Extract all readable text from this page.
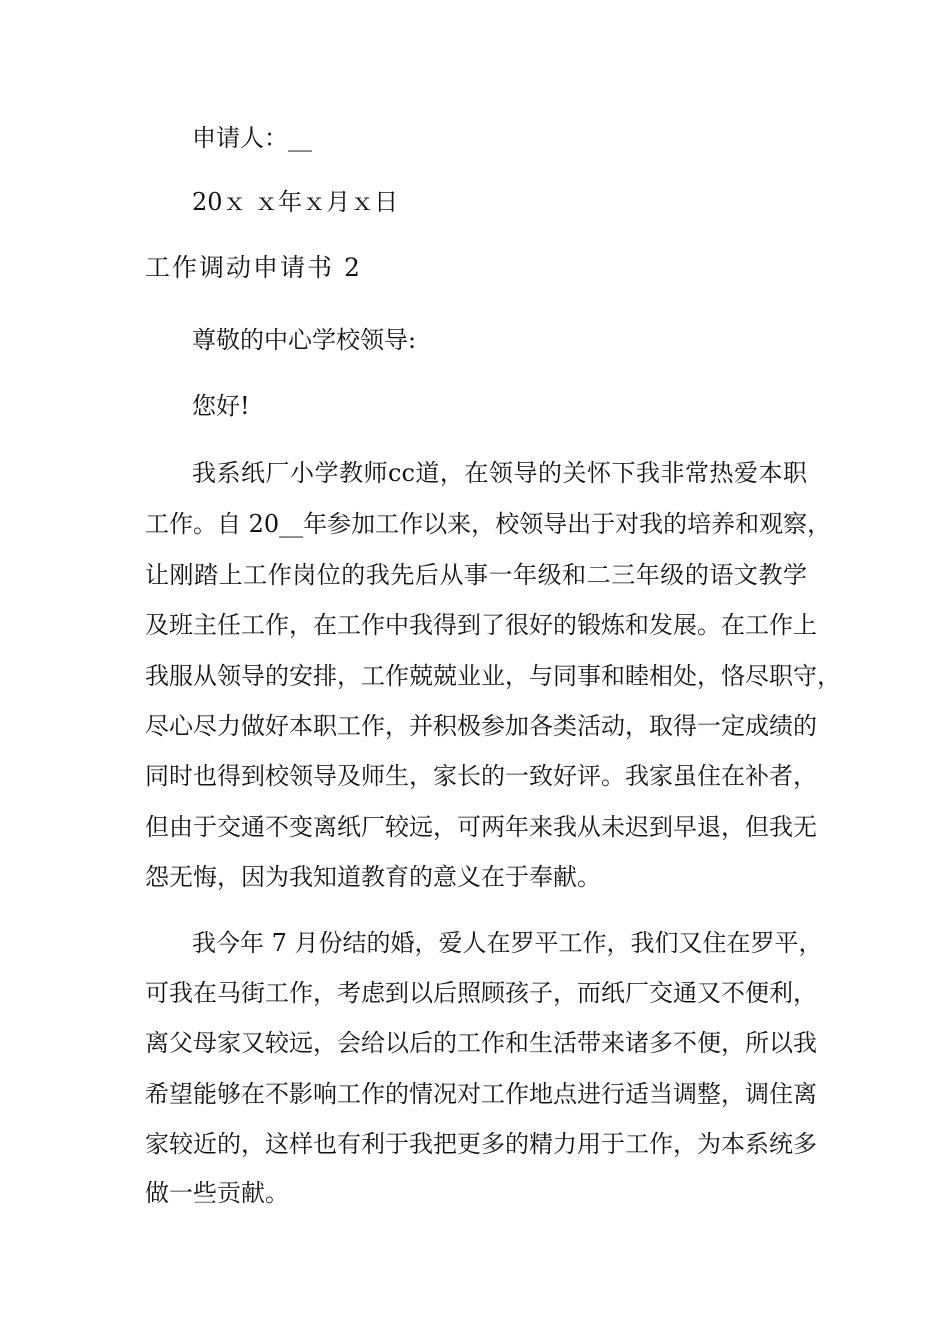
申请人：__
20ｘ ｘ年ｘ月ｘ日
工作调动申请书 2
尊敬的中心学校领导:
您好!
我系纸厂小学教师cc道，在领导的关怀下我非常热爱本职
工作。自 20__年参加工作以来，校领导出于对我的培养和观察，
让刚踏上工作岗位的我先后从事一年级和二三年级的语文教学
及班主任工作，在工作中我得到了很好的锻炼和发展。在工作上
我服从领导的安排，工作兢兢业业，与同事和睦相处，恪尽职守，
尽心尽力做好本职工作，并积极参加各类活动，取得一定成绩的
同时也得到校领导及师生，家长的一致好评。我家虽住在补者，
但由于交通不变离纸厂较远，可两年来我从未迟到早退，但我无
怨无悔，因为我知道教育的意义在于奉献。
我今年 7 月份结的婚，爱人在罗平工作，我们又住在罗平，
可我在马街工作，考虑到以后照顾孩子，而纸厂交通又不便利，
离父母家又较远，会给以后的工作和生活带来诸多不便，所以我
希望能够在不影响工作的情况对工作地点进行适当调整，调住离
家较近的，这样也有利于我把更多的精力用于工作，为本系统多
做一些贡献。
